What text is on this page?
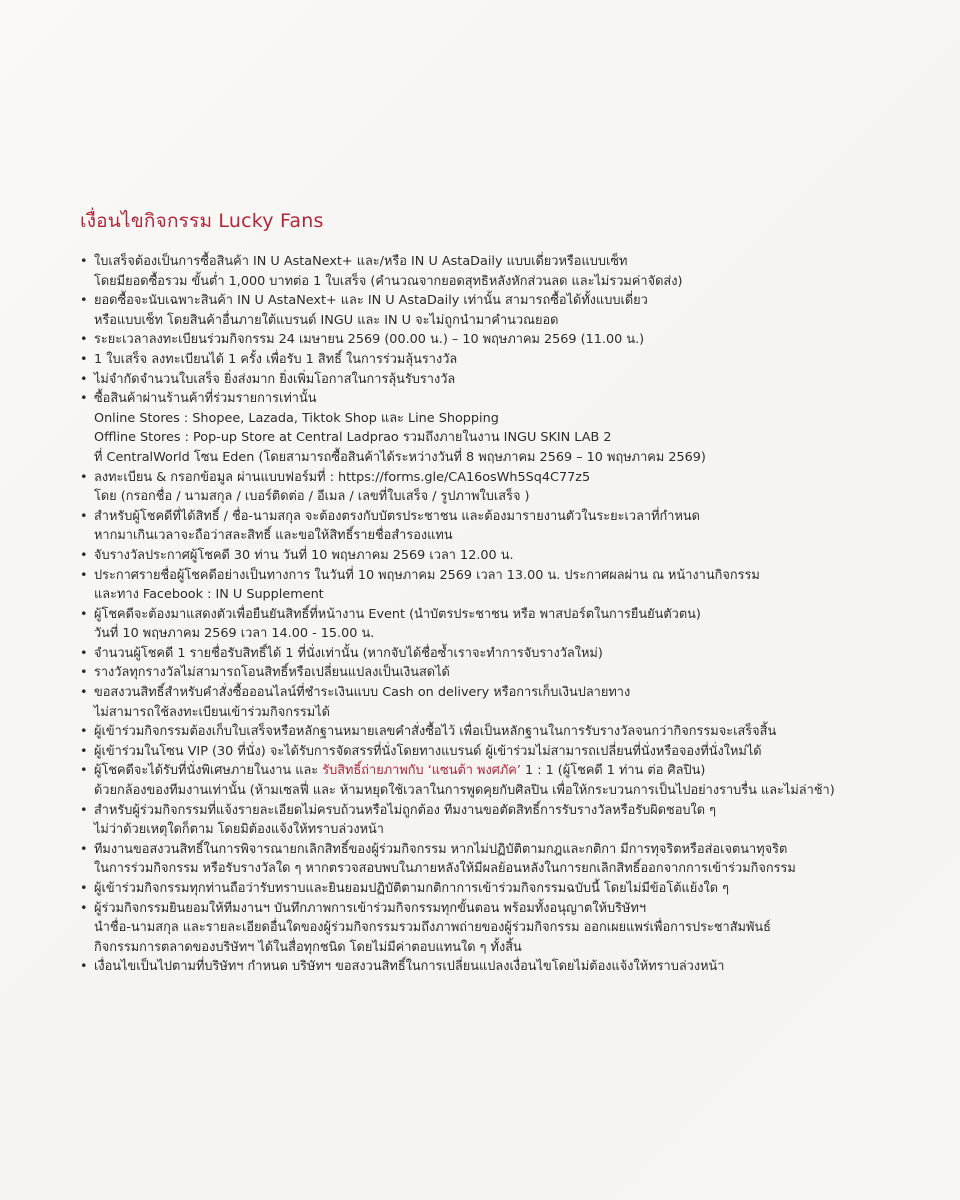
เงื่อนไขกิจกรรม Lucky Fans
• ใบเสร็จต้องเป็นการซื้อสินค้า IN U AstaNext+ และ/หรือ IN U AstaDaily แบบเดี่ยวหรือแบบเซ็ท
โดยมียอดซื้อรวม ขั้นต่ำ 1,000 บาทต่อ 1 ใบเสร็จ (คำนวณจากยอดสุทธิหลังหักส่วนลด และไม่รวมค่าจัดส่ง)
• ยอดซื้อจะนับเฉพาะสินค้า IN U AstaNext+ และ IN U AstaDaily เท่านั้น สามารถซื้อได้ทั้งแบบเดี่ยว
หรือแบบเซ็ท โดยสินค้าอื่นภายใต้แบรนด์ INGU และ IN U จะไม่ถูกนำมาคำนวณยอด
• ระยะเวลาลงทะเบียนร่วมกิจกรรม 24 เมษายน 2569 (00.00 น.) – 10 พฤษภาคม 2569 (11.00 น.)
• 1 ใบเสร็จ ลงทะเบียนได้ 1 ครั้ง เพื่อรับ 1 สิทธิ์ ในการร่วมลุ้นรางวัล
• ไม่จำกัดจำนวนใบเสร็จ ยิ่งส่งมาก ยิ่งเพิ่มโอกาสในการลุ้นรับรางวัล
• ซื้อสินค้าผ่านร้านค้าที่ร่วมรายการเท่านั้น
Online Stores : Shopee, Lazada, Tiktok Shop และ Line Shopping
Offline Stores : Pop-up Store at Central Ladprao รวมถึงภายในงาน INGU SKIN LAB 2
ที่ CentralWorld โซน Eden (โดยสามารถซื้อสินค้าได้ระหว่างวันที่ 8 พฤษภาคม 2569 – 10 พฤษภาคม 2569)
• ลงทะเบียน & กรอกข้อมูล ผ่านแบบฟอร์มที่ : https://forms.gle/CA16osWh5Sq4C77z5
โดย (กรอกชื่อ / นามสกุล / เบอร์ติดต่อ / อีเมล / เลขที่ใบเสร็จ / รูปภาพใบเสร็จ )
• สำหรับผู้โชคดีที่ได้สิทธิ์ / ชื่อ-นามสกุล จะต้องตรงกับบัตรประชาชน และต้องมารายงานตัวในระยะเวลาที่กำหนด
หากมาเกินเวลาจะถือว่าสละสิทธิ์ และขอให้สิทธิ์รายชื่อสำรองแทน
• จับรางวัลประกาศผู้โชคดี 30 ท่าน วันที่ 10 พฤษภาคม 2569 เวลา 12.00 น.
• ประกาศรายชื่อผู้โชคดีอย่างเป็นทางการ ในวันที่ 10 พฤษภาคม 2569 เวลา 13.00 น. ประกาศผลผ่าน ณ หน้างานกิจกรรม
และทาง Facebook : IN U Supplement
• ผู้โชคดีจะต้องมาแสดงตัวเพื่อยืนยันสิทธิ์ที่หน้างาน Event (นำบัตรประชาชน หรือ พาสปอร์ตในการยืนยันตัวตน)
วันที่ 10 พฤษภาคม 2569 เวลา 14.00 - 15.00 น.
• จำนวนผู้โชคดี 1 รายชื่อรับสิทธิ์ได้ 1 ที่นั่งเท่านั้น (หากจับได้ชื่อซ้ำเราจะทำการจับรางวัลใหม่)
• รางวัลทุกรางวัลไม่สามารถโอนสิทธิ์หรือเปลี่ยนแปลงเป็นเงินสดได้
• ขอสงวนสิทธิ์สำหรับคำสั่งซื้อออนไลน์ที่ชำระเงินแบบ Cash on delivery หรือการเก็บเงินปลายทาง
ไม่สามารถใช้ลงทะเบียนเข้าร่วมกิจกรรมได้
• ผู้เข้าร่วมกิจกรรมต้องเก็บใบเสร็จหรือหลักฐานหมายเลขคำสั่งซื้อไว้ เพื่อเป็นหลักฐานในการรับรางวัลจนกว่ากิจกรรมจะเสร็จสิ้น
• ผู้เข้าร่วมในโซน VIP (30 ที่นั่ง) จะได้รับการจัดสรรที่นั่งโดยทางแบรนด์ ผู้เข้าร่วมไม่สามารถเปลี่ยนที่นั่งหรือจองที่นั่งใหม่ได้
• ผู้โชคดีจะได้รับที่นั่งพิเศษภายในงาน และ รับสิทธิ์ถ่ายภาพกับ ‘แซนต้า พงศภัค’ 1 : 1 (ผู้โชคดี 1 ท่าน ต่อ ศิลปิน)
ด้วยกล้องของทีมงานเท่านั้น (ห้ามเซลฟี่ และ ห้ามหยุดใช้เวลาในการพูดคุยกับศิลปิน เพื่อให้กระบวนการเป็นไปอย่างราบรื่น และไม่ล่าช้า)
• สำหรับผู้ร่วมกิจกรรมที่แจ้งรายละเอียดไม่ครบถ้วนหรือไม่ถูกต้อง ทีมงานขอตัดสิทธิ์การรับรางวัลหรือรับผิดชอบใด ๆ
ไม่ว่าด้วยเหตุใดก็ตาม โดยมิต้องแจ้งให้ทราบล่วงหน้า
• ทีมงานขอสงวนสิทธิ์ในการพิจารณายกเลิกสิทธิ์ของผู้ร่วมกิจกรรม หากไม่ปฏิบัติตามกฎและกติกา มีการทุจริตหรือส่อเจตนาทุจริต
ในการร่วมกิจกรรม หรือรับรางวัลใด ๆ หากตรวจสอบพบในภายหลังให้มีผลย้อนหลังในการยกเลิกสิทธิ์ออกจากการเข้าร่วมกิจกรรม
• ผู้เข้าร่วมกิจกรรมทุกท่านถือว่ารับทราบและยินยอมปฏิบัติตามกติกาการเข้าร่วมกิจกรรมฉบับนี้ โดยไม่มีข้อโต้แย้งใด ๆ
• ผู้ร่วมกิจกรรมยินยอมให้ทีมงานฯ บันทึกภาพการเข้าร่วมกิจกรรมทุกขั้นตอน พร้อมทั้งอนุญาตให้บริษัทฯ
นำชื่อ-นามสกุล และรายละเอียดอื่นใดของผู้ร่วมกิจกรรมรวมถึงภาพถ่ายของผู้ร่วมกิจกรรม ออกเผยแพร่เพื่อการประชาสัมพันธ์
กิจกรรมการตลาดของบริษัทฯ ได้ในสื่อทุกชนิด โดยไม่มีค่าตอบแทนใด ๆ ทั้งสิ้น
• เงื่อนไขเป็นไปตามที่บริษัทฯ กำหนด บริษัทฯ ขอสงวนสิทธิ์ในการเปลี่ยนแปลงเงื่อนไขโดยไม่ต้องแจ้งให้ทราบล่วงหน้า
